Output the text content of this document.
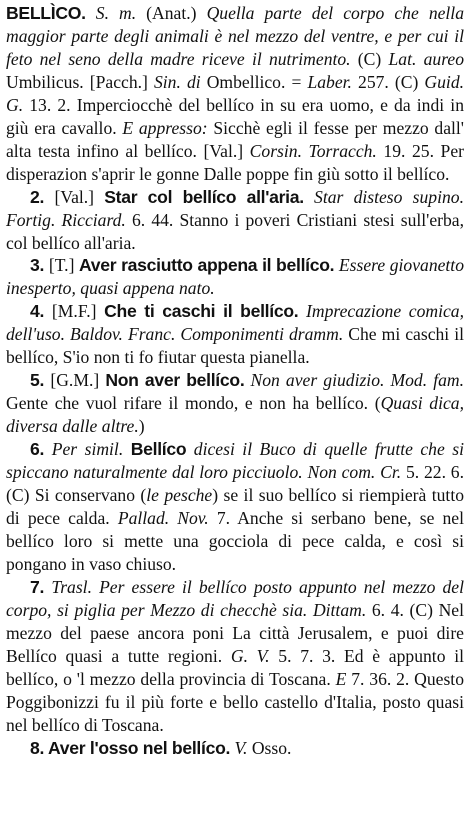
BELLÌCO. S. m. (Anat.) Quella parte del corpo che nella maggior parte degli animali è nel mezzo del ventre, e per cui il feto nel seno della madre riceve il nutrimento. (C) Lat. aureo Umbilicus. [Pacch.] Sin. di Ombellico. = Laber. 257. (C) Guid. G. 13. 2. Imperciocchè del bellíco in su era uomo, e da indi in giù era cavallo. E appresso: Sicchè egli il fesse per mezzo dall' alta testa infino al bellíco. [Val.] Corsin. Torracch. 19. 25. Per disperazion s'aprir le gonne Dalle poppe fin giù sotto il bellíco.
2. [Val.] Star col bellíco all'aria. Star disteso supino. Fortig. Ricciard. 6. 44. Stanno i poveri Cristiani stesi sull'erba, col bellíco all'aria.
3. [T.] Aver rasciutto appena il bellíco. Essere giovanetto inesperto, quasi appena nato.
4. [M.F.] Che ti caschi il bellíco. Imprecazione comica, dell'uso. Baldov. Franc. Componimenti dramm. Che mi caschi il bellíco, S'io non ti fo fiutar questa pianella.
5. [G.M.] Non aver bellíco. Non aver giudizio. Mod. fam. Gente che vuol rifare il mondo, e non ha bellíco. (Quasi dica, diversa dalle altre.)
6. Per simil. Bellíco dicesi il Buco di quelle frutte che si spiccano naturalmente dal loro picciuolo. Non com. Cr. 5. 22. 6. (C) Si conservano (le pesche) se il suo bellíco si riempierà tutto di pece calda. Pallad. Nov. 7. Anche si serbano bene, se nel bellíco loro si mette una gocciola di pece calda, e così si pongano in vaso chiuso.
7. Trasl. Per essere il bellíco posto appunto nel mezzo del corpo, si piglia per Mezzo di checchè sia. Dittam. 6. 4. (C) Nel mezzo del paese ancora poni La città Jerusalem, e puoi dire Bellíco quasi a tutte regioni. G. V. 5. 7. 3. Ed è appunto il bellíco, o 'l mezzo della provincia di Toscana. E 7. 36. 2. Questo Poggibonizzi fu il più forte e bello castello d'Italia, posto quasi nel bellíco di Toscana.
8. Aver l'osso nel bellíco. V. Osso.
